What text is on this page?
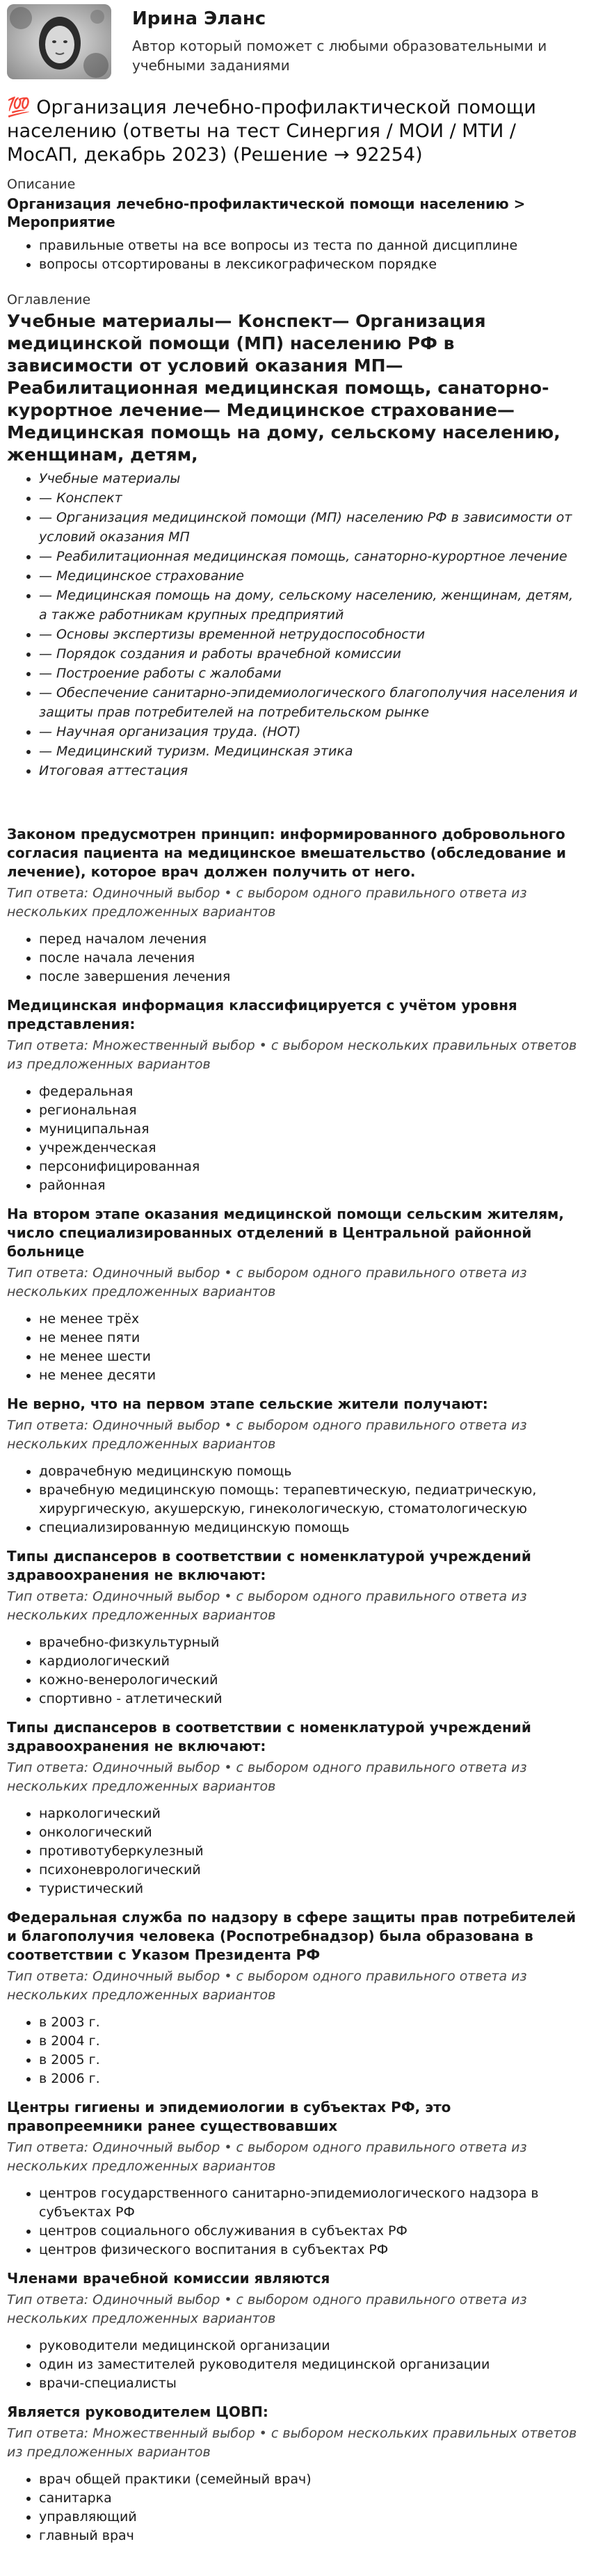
Ирина Эланс
Автор который поможет с любыми образовательными и учебными заданиями
💯 Организация лечебно-профилактической помощи населению (ответы на тест Синергия / МОИ / МТИ / МосАП, декабрь 2023) (Решение → 92254)
Описание
Организация лечебно-профилактической помощи населению > Мероприятие
• правильные ответы на все вопросы из теста по данной дисциплине
• вопросы отсортированы в лексикографическом порядке
Оглавление
Учебные материалы— Конспект— Организация медицинской помощи (МП) населению РФ в зависимости от условий оказания МП— Реабилитационная медицинская помощь, санаторно-курортное лечение— Медицинское страхование— Медицинская помощь на дому, сельскому населению, женщинам, детям,
• Учебные материалы
• — Конспект
• — Организация медицинской помощи (МП) населению РФ в зависимости от условий оказания МП
• — Реабилитационная медицинская помощь, санаторно-курортное лечение
• — Медицинское страхование
• — Медицинская помощь на дому, сельскому населению, женщинам, детям, а также работникам крупных предприятий
• — Основы экспертизы временной нетрудоспособности
• — Порядок создания и работы врачебной комиссии
• — Построение работы с жалобами
• — Обеспечение санитарно-эпидемиологического благополучия населения и защиты прав потребителей на потребительском рынке
• — Научная организация труда. (НОТ)
• — Медицинский туризм. Медицинская этика
• Итоговая аттестация
Законом предусмотрен принцип: информированного добровольного согласия пациента на медицинское вмешательство (обследование и лечение), которое врач должен получить от него.
Тип ответа: Одиночный выбор • с выбором одного правильного ответа из нескольких предложенных вариантов
• перед началом лечения
• после начала лечения
• после завершения лечения
Медицинская информация классифицируется с учётом уровня представления:
Тип ответа: Множественный выбор • с выбором нескольких правильных ответов из предложенных вариантов
• федеральная
• региональная
• муниципальная
• учрежденческая
• персонифицированная
• районная
На втором этапе оказания медицинской помощи сельским жителям, число специализированных отделений в Центральной районной больнице
Тип ответа: Одиночный выбор • с выбором одного правильного ответа из нескольких предложенных вариантов
• не менее трёх
• не менее пяти
• не менее шести
• не менее десяти
Не верно, что на первом этапе сельские жители получают:
Тип ответа: Одиночный выбор • с выбором одного правильного ответа из нескольких предложенных вариантов
• доврачебную медицинскую помощь
• врачебную медицинскую помощь: терапевтическую, педиатрическую, хирургическую, акушерскую, гинекологическую, стоматологическую
• специализированную медицинскую помощь
Типы диспансеров в соответствии с номенклатурой учреждений здравоохранения не включают:
Тип ответа: Одиночный выбор • с выбором одного правильного ответа из нескольких предложенных вариантов
• врачебно-физкультурный
• кардиологический
• кожно-венерологический
• спортивно - атлетический
Типы диспансеров в соответствии с номенклатурой учреждений здравоохранения не включают:
Тип ответа: Одиночный выбор • с выбором одного правильного ответа из нескольких предложенных вариантов
• наркологический
• онкологический
• противотуберкулезный
• психоневрологический
• туристический
Федеральная служба по надзору в сфере защиты прав потребителей и благополучия человека (Роспотребнадзор) была образована в соответствии с Указом Президента РФ
Тип ответа: Одиночный выбор • с выбором одного правильного ответа из нескольких предложенных вариантов
• в 2003 г.
• в 2004 г.
• в 2005 г.
• в 2006 г.
Центры гигиены и эпидемиологии в субъектах РФ, это правопреемники ранее существовавших
Тип ответа: Одиночный выбор • с выбором одного правильного ответа из нескольких предложенных вариантов
• центров государственного санитарно-эпидемиологического надзора в субъектах РФ
• центров социального обслуживания в субъектах РФ
• центров физического воспитания в субъектах РФ
Членами врачебной комиссии являются
Тип ответа: Одиночный выбор • с выбором одного правильного ответа из нескольких предложенных вариантов
• руководители медицинской организации
• один из заместителей руководителя медицинской организации
• врачи-специалисты
Является руководителем ЦОВП:
Тип ответа: Множественный выбор • с выбором нескольких правильных ответов из предложенных вариантов
• врач общей практики (семейный врач)
• санитарка
• управляющий
• главный врач
